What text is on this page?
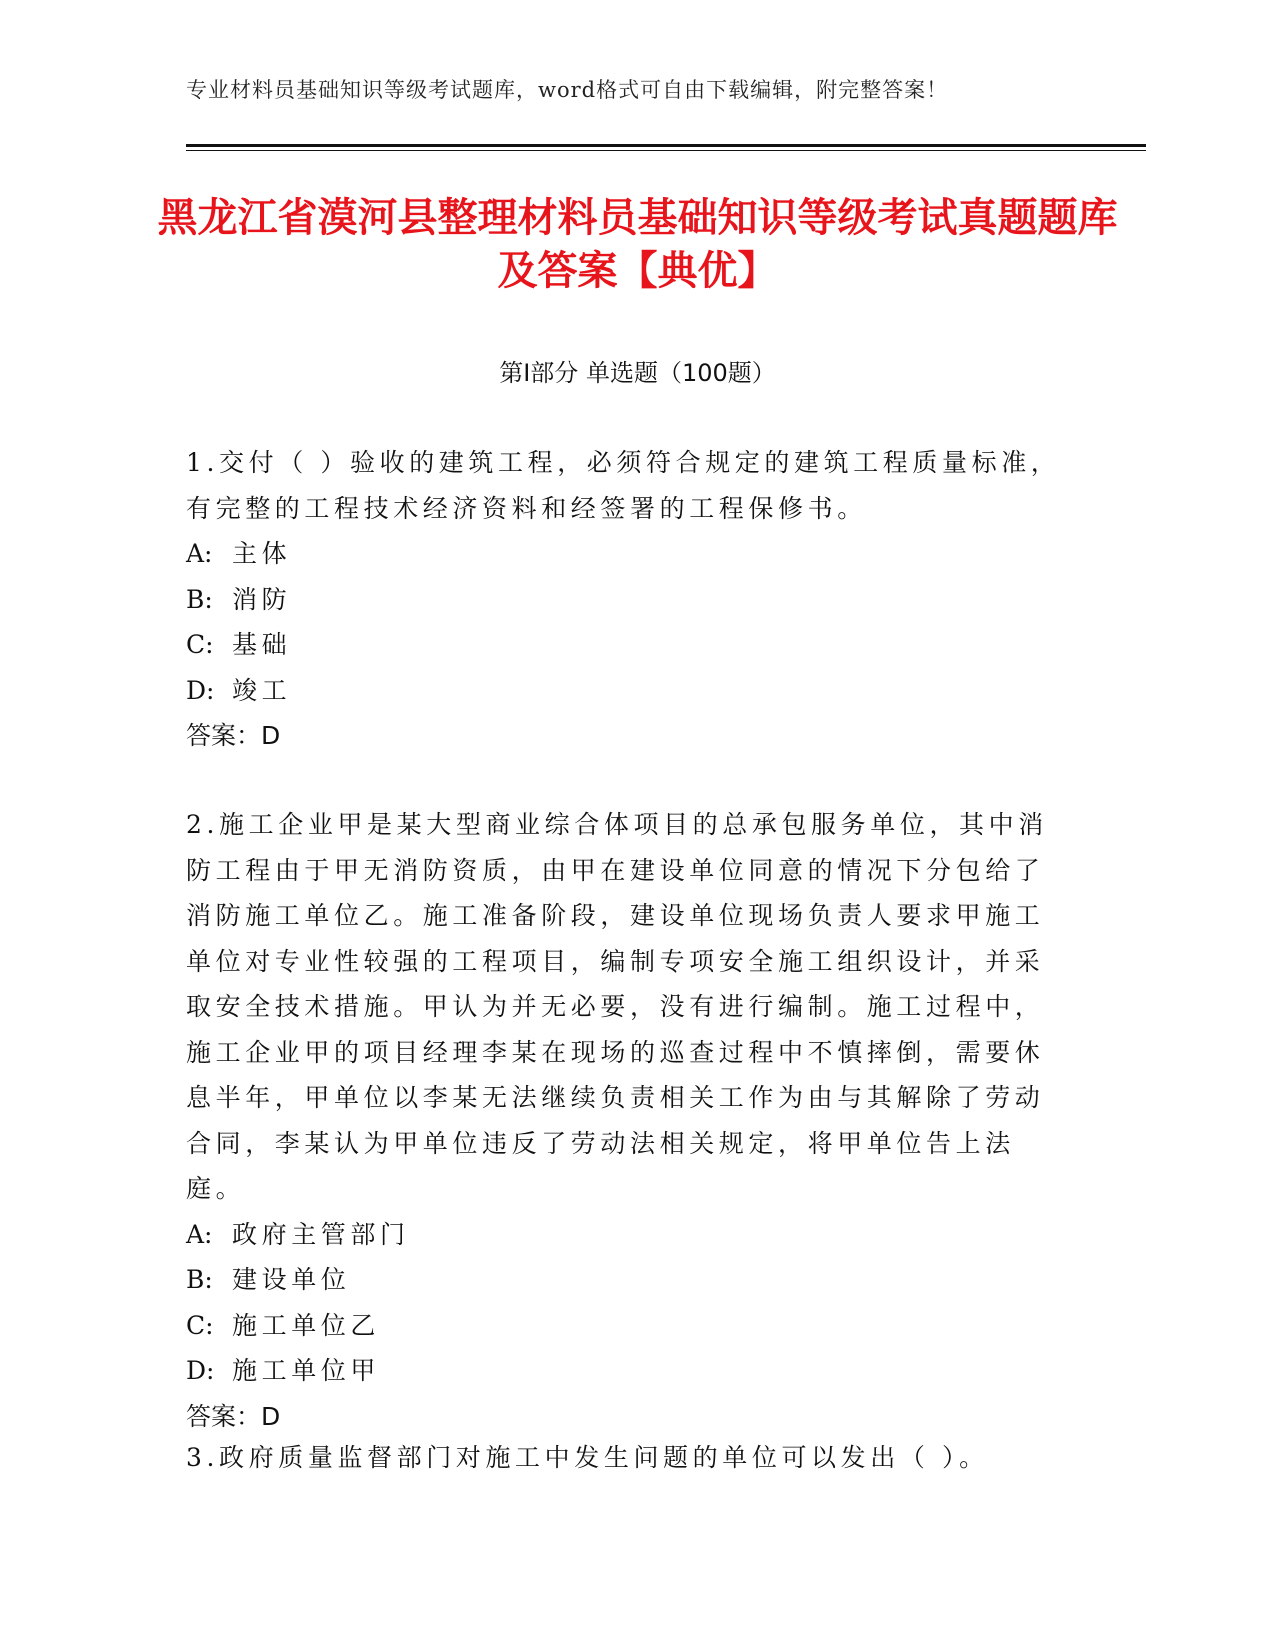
专业材料员基础知识等级考试题库，word格式可自由下载编辑，附完整答案！
黑龙江省漠河县整理材料员基础知识等级考试真题题库及答案【典优】
第Ⅰ部分 单选题（100题）

1.交付（ ）验收的建筑工程，必须符合规定的建筑工程质量标准，有完整的工程技术经济资料和经签署的工程保修书。

A: 主体

B: 消防

C: 基础

D: 竣工

答案：D

2.施工企业甲是某大型商业综合体项目的总承包服务单位，其中消防工程由于甲无消防资质，由甲在建设单位同意的情况下分包给了消防施工单位乙。施工准备阶段，建设单位现场负责人要求甲施工单位对专业性较强的工程项目，编制专项安全施工组织设计，并采取安全技术措施。甲认为并无必要，没有进行编制。施工过程中，施工企业甲的项目经理李某在现场的巡查过程中不慎摔倒，需要休息半年，甲单位以李某无法继续负责相关工作为由与其解除了劳动合同，李某认为甲单位违反了劳动法相关规定，将甲单位告上法庭。

A: 政府主管部门

B: 建设单位

C: 施工单位乙

D: 施工单位甲

答案：D

3.政府质量监督部门对施工中发生问题的单位可以发出（ ）。
